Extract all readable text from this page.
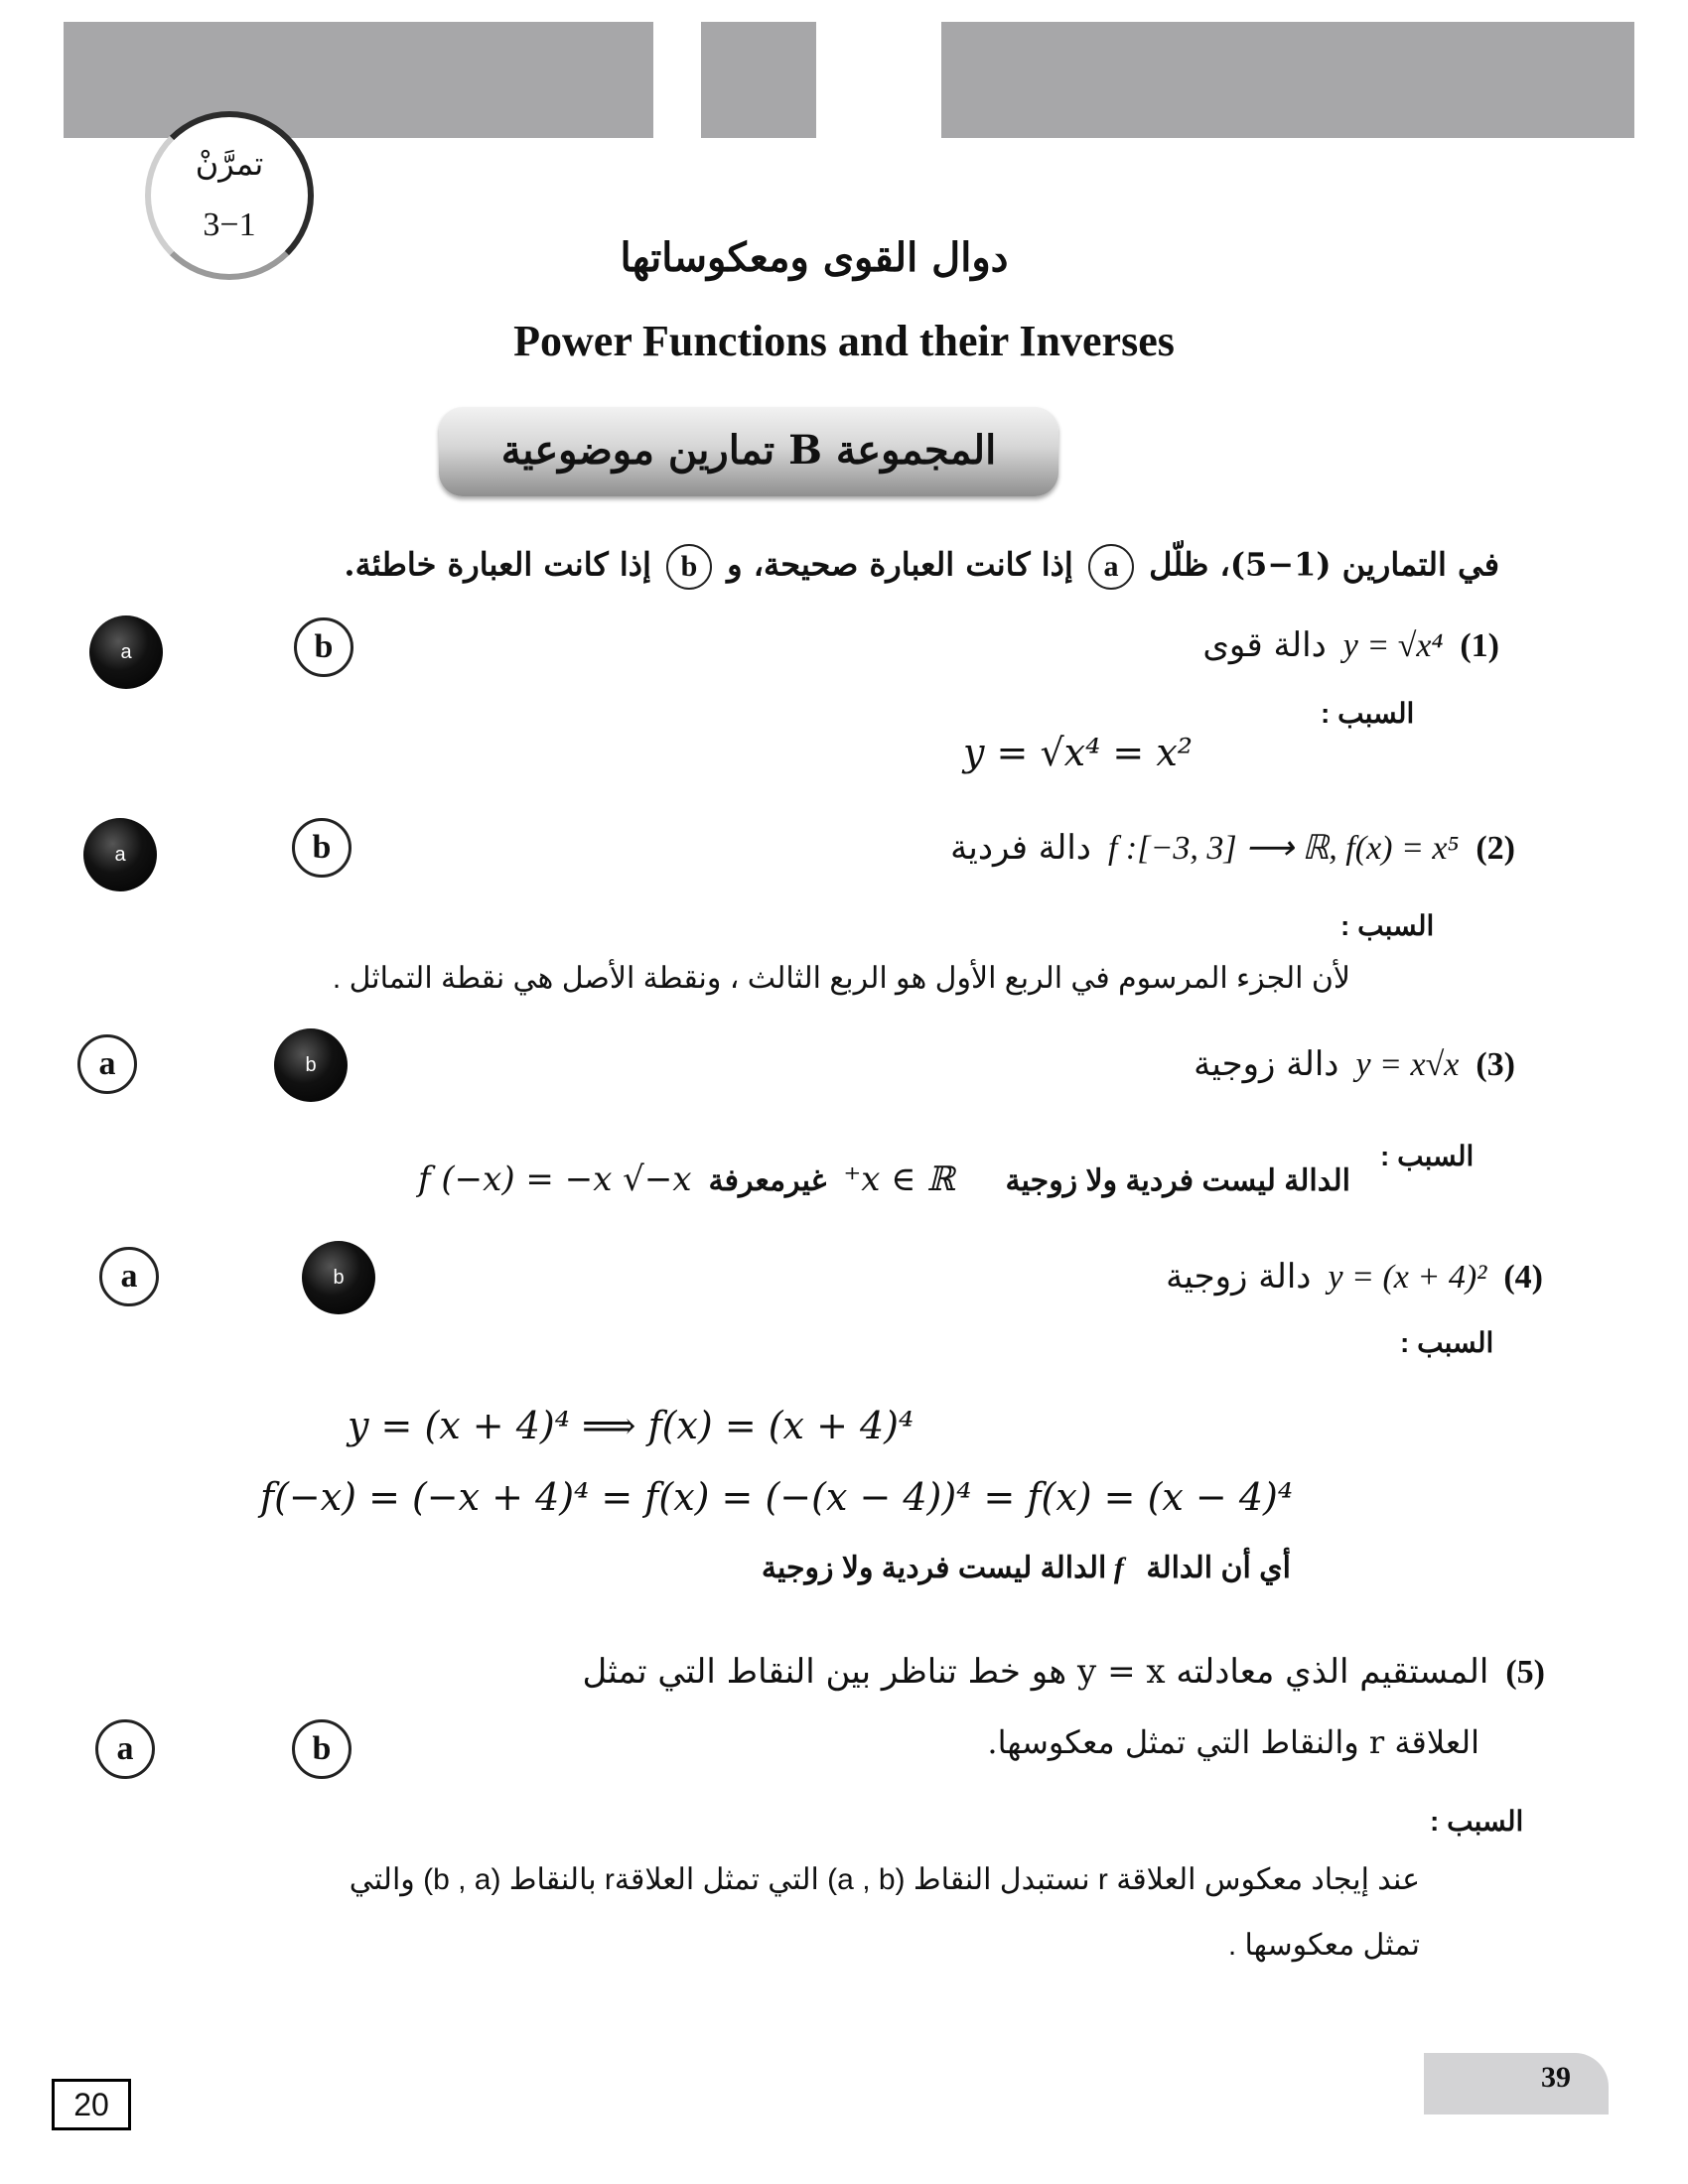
تمرَّنْ
3−1
دوال القوى ومعكوساتها
Power Functions and their Inverses
المجموعة B تمارين موضوعية
في التمارين (1−5)، ظلّل a إذا كانت العبارة صحيحة، و b إذا كانت العبارة خاطئة.
a	b	(1)  y = √x⁴  دالة قوى
السبب :
y = √x⁴ = x²
a	b	(2)  f :[−3, 3] ⟶ ℝ, f(x) = x⁵  دالة فردية
السبب :
لأن الجزء المرسوم في الربع الأول هو الربع الثالث ، ونقطة الأصل هي نقطة التماثل .
a	b	(3)  y = x√x  دالة زوجية
السبب :
الدالة ليست فردية ولا زوجية      x ∈ ℝ⁺  غيرمعرفة  f (−x) = −x √−x
a	b	(4)  y = (x + 4)²  دالة زوجية
السبب :
y = (x + 4)⁴ ⟹ f(x) = (x + 4)⁴
f(−x) = (−x + 4)⁴ = f(x) = (−(x − 4))⁴ = f(x) = (x − 4)⁴
أي أن الدالة   f الدالة ليست فردية ولا زوجية
(5)  المستقيم الذي معادلته y = x هو خط تناظر بين النقاط التي تمثل
العلاقة r والنقاط التي تمثل معكوسها.
a	b
السبب :
عند إيجاد معكوس العلاقة r نستبدل النقاط (a , b) التي تمثل العلاقةr بالنقاط (b , a) والتي
تمثل معكوسها .
39
20
